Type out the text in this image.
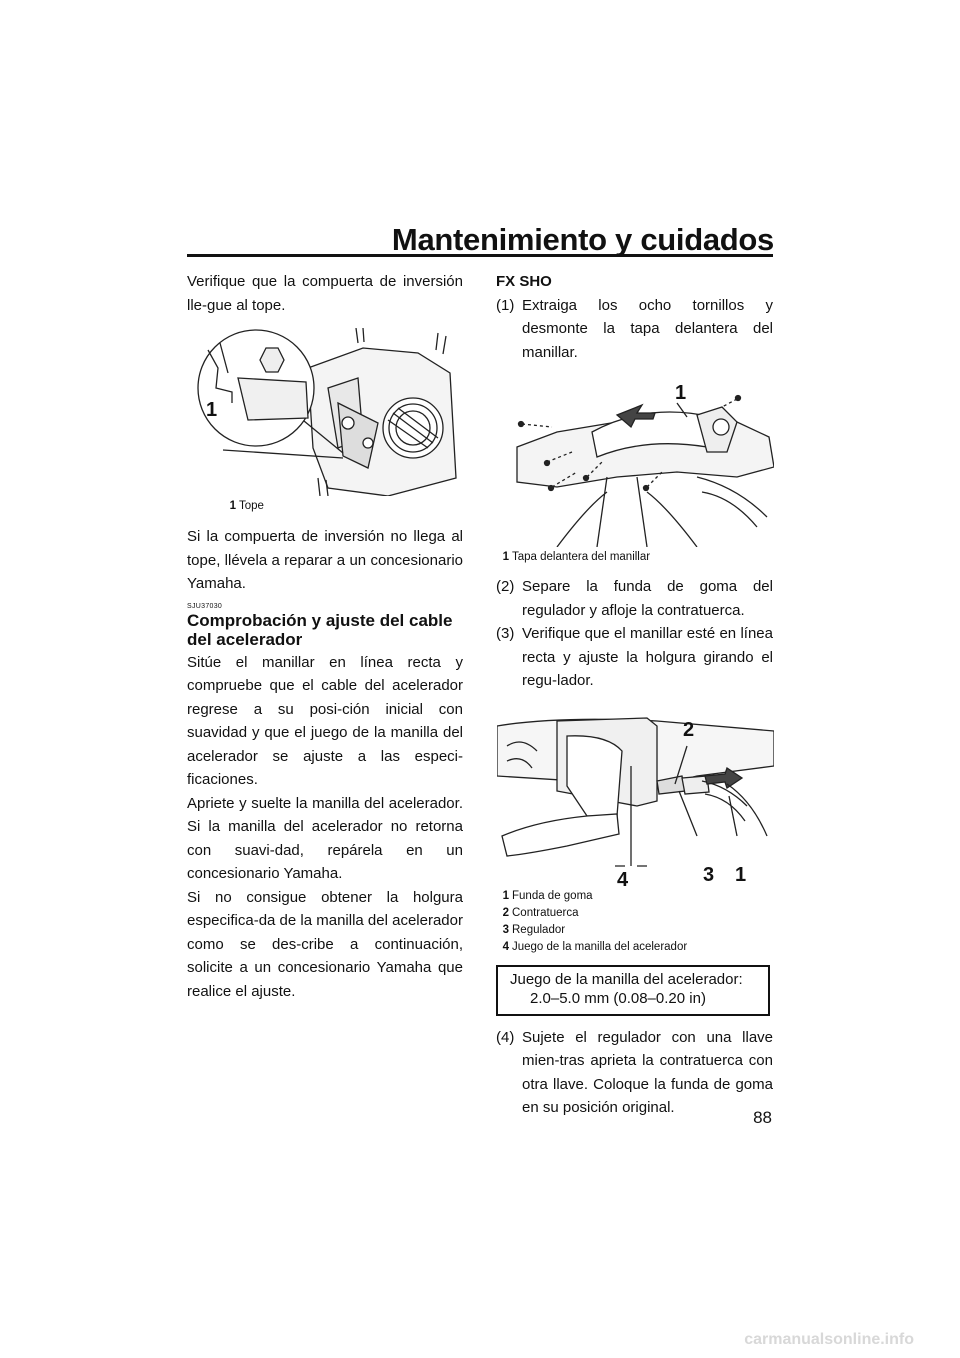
Mantenimiento y cuidados

Verifique que la compuerta de inversión lle-gue al tope.

1
1 Tope

Si la compuerta de inversión no llega al tope, llévela a reparar a un concesionario Yamaha.

SJU37030
Comprobación y ajuste del cable del acelerador

Sitúe el manillar en línea recta y compruebe que el cable del acelerador regrese a su posi-ción inicial con suavidad y que el juego de la manilla del acelerador se ajuste a las especi-ficaciones.

Apriete y suelte la manilla del acelerador. Si la manilla del acelerador no retorna con suavi-dad, repárela en un concesionario Yamaha.

Si no consigue obtener la holgura especifica-da de la manilla del acelerador como se des-cribe a continuación, solicite a un concesionario Yamaha que realice el ajuste.

FX SHO
(1) Extraiga los ocho tornillos y desmonte la tapa delantera del manillar.
1
1 Tapa delantera del manillar
(2) Separe la funda de goma del regulador y afloje la contratuerca.
(3) Verifique que el manillar esté en línea recta y ajuste la holgura girando el regu-lador.
2
4	3 1
1 Funda de goma
2 Contratuerca
3 Regulador
4 Juego de la manilla del acelerador
Juego de la manilla del acelerador:
2.0–5.0 mm (0.08–0.20 in)
(4) Sujete el regulador con una llave mien-tras aprieta la contratuerca con otra llave. Coloque la funda de goma en su posición original.
88
carmanualsonline.info
